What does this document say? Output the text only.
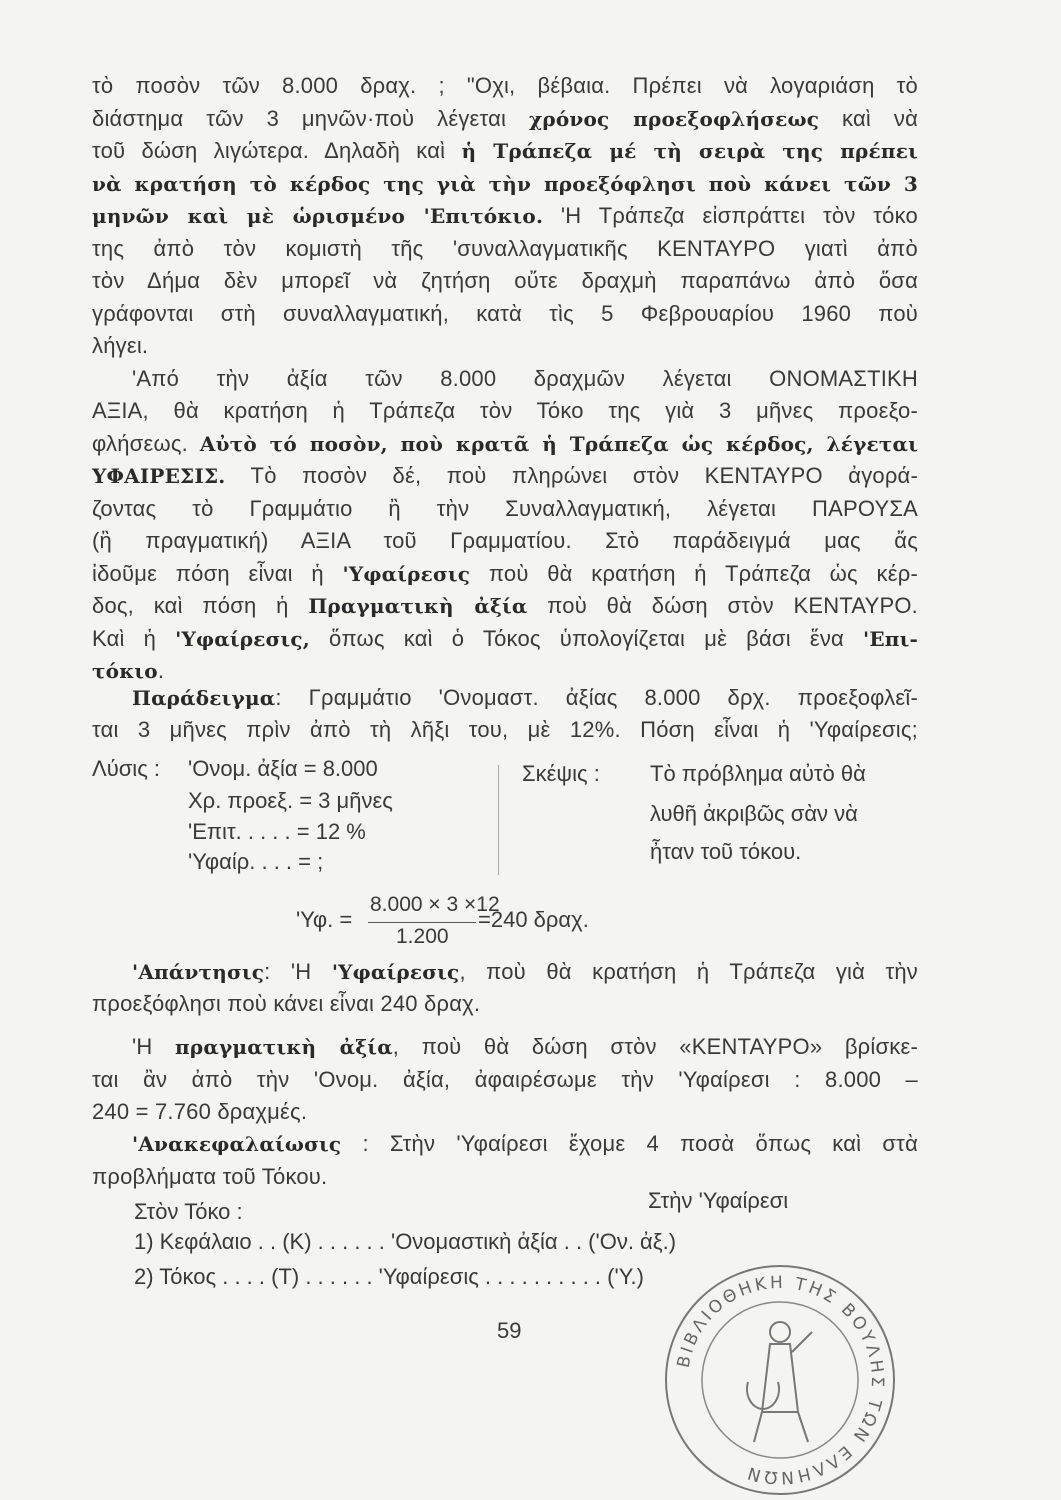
τὸ ποσὸν τῶν 8.000 δραχ. ; "Οχι, βέβαια. Πρέπει νὰ λογαριάση τὸ
διάστημα τῶν 3 μηνῶν·ποὺ λέγεται χρόνος προεξοφλήσεως καὶ νὰ
τοῦ δώση λιγώτερα. Δηλαδὴ καὶ ἡ Τράπεζα μέ τὴ σειρὰ της πρέπει
νὰ κρατήση τὸ κέρδος της γιὰ τὴν προεξόφλησι ποὺ κάνει τῶν 3
μηνῶν καὶ μὲ ὡρισμένο 'Επιτόκιο. 'Η Τράπεζα εἰσπράττει τὸν τόκο
της ἀπὸ τὸν κομιστὴ τῆς 'συναλλαγματικῆς ΚΕΝΤΑΥΡΟ γιατὶ ἀπὸ
τὸν Δήμα δὲν μπορεῖ νὰ ζητήση οὔτε δραχμὴ παραπάνω ἀπὸ ὅσα
γράφονται στὴ συναλλαγματική, κατὰ τὶς 5 Φεβρουαρίου 1960 ποὺ
λήγει.
'Από τὴν ἀξία τῶν 8.000 δραχμῶν λέγεται ΟΝΟΜΑΣΤΙΚΗ
ΑΞΙΑ, θὰ κρατήση ἡ Τράπεζα τὸν Τόκο της γιὰ 3 μῆνες προεξο-
φλήσεως. Αὐτὸ τό ποσὸν, ποὺ κρατᾶ ἡ Τράπεζα ὡς κέρδος, λέγεται
ΥΦΑΙΡΕΣΙΣ. Τὸ ποσὸν δέ, ποὺ πληρώνει στὸν ΚΕΝΤΑΥΡΟ ἀγορά-
ζοντας τὸ Γραμμάτιο ἢ τὴν Συναλλαγματική, λέγεται ΠΑΡΟΥΣΑ
(ἢ πραγματική) ΑΞΙΑ τοῦ Γραμματίου. Στὸ παράδειγμά μας ἄς
ἰδοῦμε πόση εἶναι ἡ 'Υφαίρεσις ποὺ θὰ κρατήση ἡ Τράπεζα ὡς κέρ-
δος, καὶ πόση ἡ Πραγματικὴ ἀξία ποὺ θὰ δώση στὸν ΚΕΝΤΑΥΡΟ.
Καὶ ἡ 'Υφαίρεσις, ὅπως καὶ ὁ Τόκος ὑπολογίζεται μὲ βάσι ἕνα 'Επι-
τόκιο.
Παράδειγμα: Γραμμάτιο 'Ονομαστ. ἀξίας 8.000 δρχ. προεξοφλεῖ-
ται 3 μῆνες πρὶν ἀπὸ τὴ λῆξι του, μὲ 12%. Πόση εἶναι ἡ 'Υφαίρεσις;
'Απάντησις: 'Η 'Υφαίρεσις, ποὺ θὰ κρατήση ἡ Τράπεζα γιὰ τὴν
προεξόφλησι ποὺ κάνει εἶναι 240 δραχ.
'Η πραγματικὴ ἀξία, ποὺ θὰ δώση στὸν «ΚΕΝΤΑΥΡΟ» βρίσκε-
ται ἂν ἀπὸ τὴν 'Ονομ. ἀξία, ἀφαιρέσωμε τὴν 'Υφαίρεσι : 8.000 –
240 = 7.760 δραχμές.
'Ανακεφαλαίωσις : Στὴν 'Υφαίρεσι ἔχομε 4 ποσὰ ὅπως καὶ στὰ
προβλήματα τοῦ Τόκου.
Λύσις : 'Ονομ. ἀξία = 8.000
Χρ. προεξ. = 3 μῆνες
'Επιτ. . . . . = 12 %
'Υφαίρ. . . . = ;
Σκέψις : Τὸ πρόβλημα αὐτὸ θὰ
λυθῆ ἀκριβῶς σὰν νὰ
ἦταν τοῦ τόκου.
'Υφ. =
8.000 × 3 ×12
1.200
=240 δραχ.
Στὸν Τόκο :	Στὴν 'Υφαίρεσι
1) Κεφάλαιο . . (Κ) . . . . . . 'Ονομαστικὴ ἀξία . . ('Ον. ἀξ.)
2) Τόκος . . . . (Τ) . . . . . . 'Υφαίρεσις . . . . . . . . . . ('Υ.)
59
ΒΙΒΛΙΟΘΗΚΗ ΤΗΣ ΒΟΥΛΗΣ ΤΩΝ ΕΛΛΗΝΩΝ
